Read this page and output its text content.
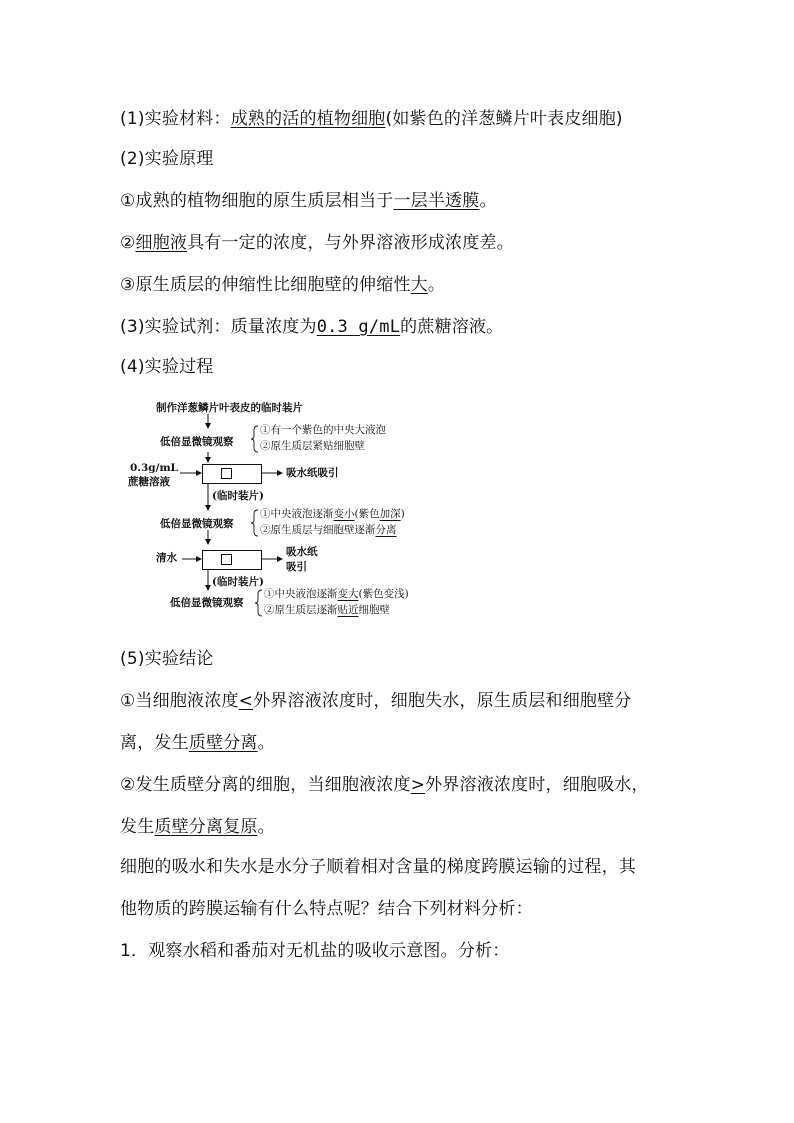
(1)实验材料：成熟的活的植物细胞(如紫色的洋葱鳞片叶表皮细胞)
(2)实验原理
①成熟的植物细胞的原生质层相当于一层半透膜。
②细胞液具有一定的浓度，与外界溶液形成浓度差。
③原生质层的伸缩性比细胞壁的伸缩性大。
(3)实验试剂：质量浓度为0.3 g/mL的蔗糖溶液。
(4)实验过程
制作洋葱鳞片叶表皮的临时装片
低倍显微镜观察
①有一个紫色的中央大液泡
②原生质层紧贴细胞壁
0.3g/mL
蔗糖溶液
吸水纸吸引
(临时装片)
低倍显微镜观察
①中央液泡逐渐变小(紫色加深)
②原生质层与细胞壁逐渐分离
清水	吸水纸
吸引
(临时装片)
低倍显微镜观察
①中央液泡逐渐变大(紫色变浅)
②原生质层逐渐贴近细胞壁
(5)实验结论
①当细胞液浓度<外界溶液浓度时，细胞失水，原生质层和细胞壁分
离，发生质壁分离。
②发生质壁分离的细胞，当细胞液浓度>外界溶液浓度时，细胞吸水，
发生质壁分离复原。
细胞的吸水和失水是水分子顺着相对含量的梯度跨膜运输的过程，其
他物质的跨膜运输有什么特点呢？结合下列材料分析：
1．观察水稻和番茄对无机盐的吸收示意图。分析：
